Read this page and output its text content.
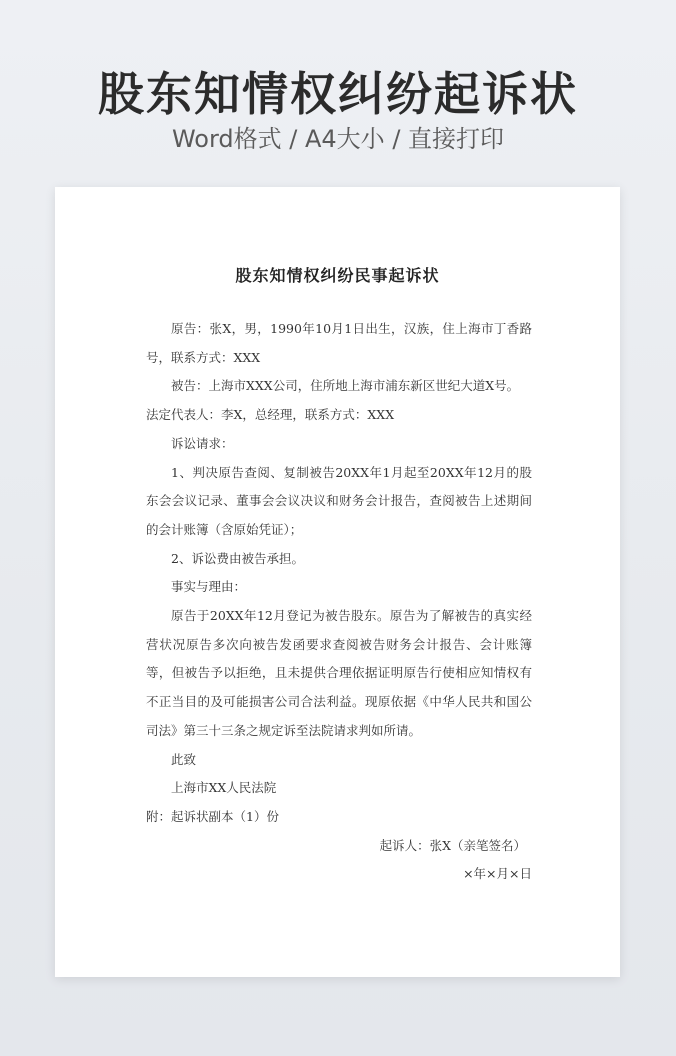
股东知情权纠纷起诉状
Word格式 / A4大小 / 直接打印
股东知情权纠纷民事起诉状

原告：张X，男，1990年10月1日出生，汉族，住上海市丁香路号，联系方式：XXX

被告：上海市XXX公司，住所地上海市浦东新区世纪大道X号。

法定代表人：李X，总经理，联系方式：XXX

诉讼请求：

1、判决原告查阅、复制被告20XX年1月起至20XX年12月的股东会会议记录、董事会会议决议和财务会计报告，查阅被告上述期间的会计账簿（含原始凭证）；

2、诉讼费由被告承担。

事实与理由：

原告于20XX年12月登记为被告股东。原告为了解被告的真实经营状况原告多次向被告发函要求查阅被告财务会计报告、会计账簿等，但被告予以拒绝，且未提供合理依据证明原告行使相应知情权有不正当目的及可能损害公司合法利益。现原依据《中华人民共和国公司法》第三十三条之规定诉至法院请求判如所请。

此致

上海市XX人民法院

附：起诉状副本（1）份

起诉人：张X（亲笔签名）

×年×月×日
